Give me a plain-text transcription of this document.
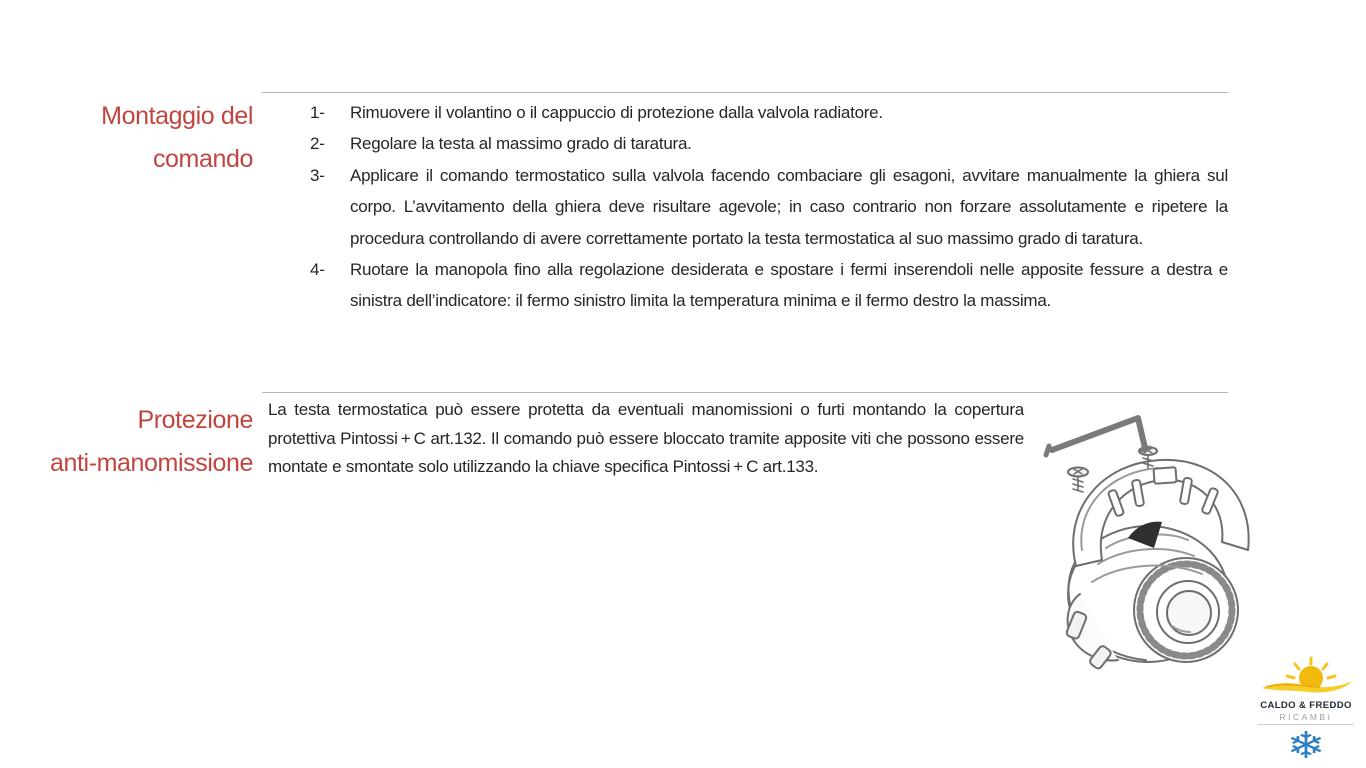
Montaggio del
comando
1- Rimuovere il volantino o il cappuccio di protezione dalla valvola radiatore.
2- Regolare la testa al massimo grado di taratura.
3- Applicare il comando termostatico sulla valvola facendo combaciare gli esagoni, avvitare manualmente la ghiera sul corpo. L’avvitamento della ghiera deve risultare agevole; in caso contrario non forzare assolutamente e ripetere la procedura controllando di avere correttamente portato la testa termostatica al suo massimo grado di taratura.
4- Ruotare la manopola fino alla regolazione desiderata e spostare i fermi inserendoli nelle apposite fessure a destra e sinistra dell’indicatore: il fermo sinistro limita la temperatura minima e il fermo destro la massima.
Protezione
anti-manomissione
La testa termostatica può essere protetta da eventuali manomissioni o furti montando la copertura protettiva Pintossi + C art.132. Il comando può essere bloccato tramite apposite viti che possono essere montate e smontate solo utilizzando la chiave specifica Pintossi + C art.133.
CALDO & FREDDO
RICAMBI
❄
